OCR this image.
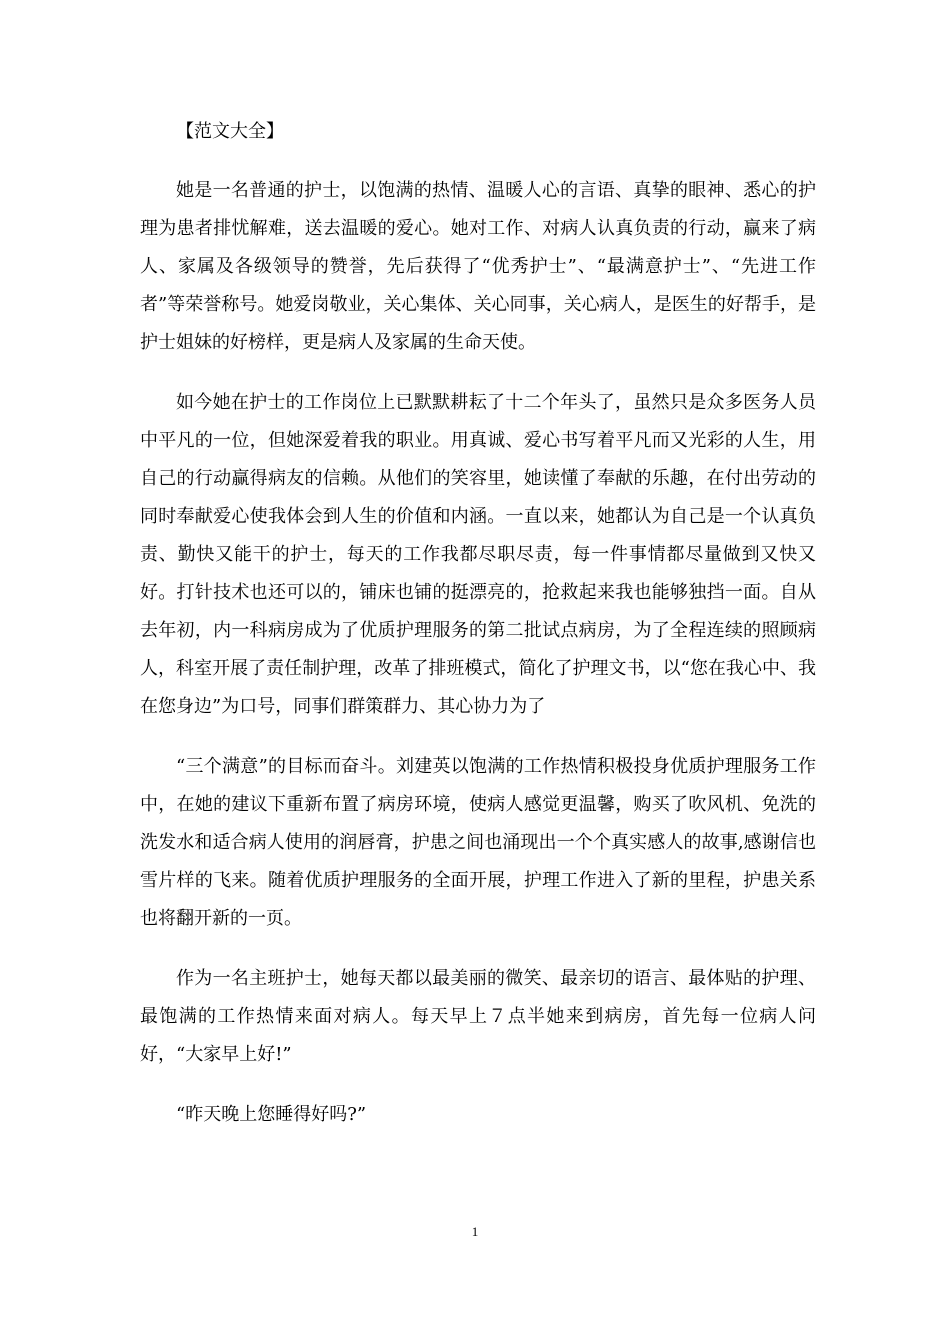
【范文大全】

她是一名普通的护士，以饱满的热情、温暖人心的言语、真挚的眼神、悉心的护理为患者排忧解难，送去温暖的爱心。她对工作、对病人认真负责的行动，赢来了病人、家属及各级领导的赞誉，先后获得了“优秀护士”、“最满意护士”、“先进工作者”等荣誉称号。她爱岗敬业，关心集体、关心同事，关心病人，是医生的好帮手，是护士姐妹的好榜样，更是病人及家属的生命天使。

如今她在护士的工作岗位上已默默耕耘了十二个年头了，虽然只是众多医务人员中平凡的一位，但她深爱着我的职业。用真诚、爱心书写着平凡而又光彩的人生，用自己的行动赢得病友的信赖。从他们的笑容里，她读懂了奉献的乐趣，在付出劳动的同时奉献爱心使我体会到人生的价值和内涵。一直以来，她都认为自己是一个认真负责、勤快又能干的护士，每天的工作我都尽职尽责，每一件事情都尽量做到又快又好。打针技术也还可以的，铺床也铺的挺漂亮的，抢救起来我也能够独挡一面。自从去年初，内一科病房成为了优质护理服务的第二批试点病房，为了全程连续的照顾病人，科室开展了责任制护理，改革了排班模式，简化了护理文书，以“您在我心中、我在您身边”为口号，同事们群策群力、其心协力为了

“三个满意”的目标而奋斗。刘建英以饱满的工作热情积极投身优质护理服务工作中，在她的建议下重新布置了病房环境，使病人感觉更温馨，购买了吹风机、免洗的洗发水和适合病人使用的润唇膏，护患之间也涌现出一个个真实感人的故事,感谢信也雪片样的飞来。随着优质护理服务的全面开展，护理工作进入了新的里程，护患关系也将翻开新的一页。

作为一名主班护士，她每天都以最美丽的微笑、最亲切的语言、最体贴的护理、最饱满的工作热情来面对病人。每天早上７点半她来到病房，首先每一位病人问好，“大家早上好!”

“昨天晚上您睡得好吗?”

1
